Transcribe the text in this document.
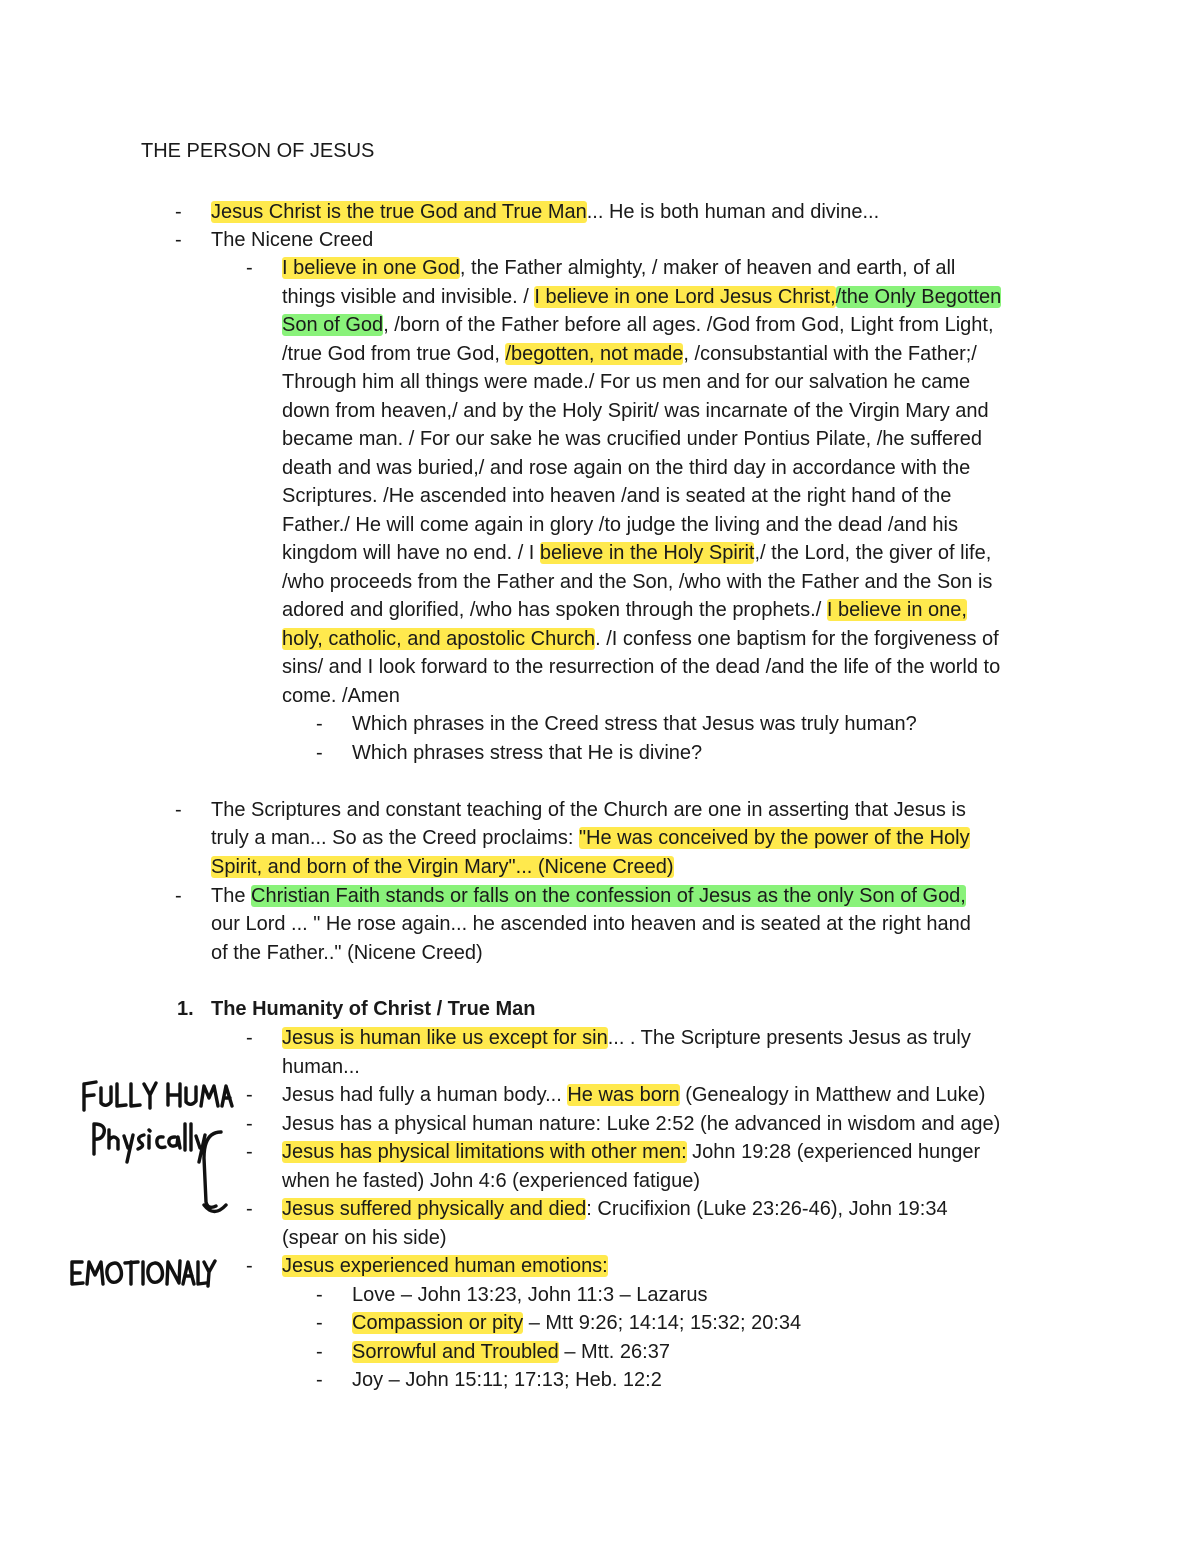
THE PERSON OF JESUS
1. The Humanity of Christ / True Man
- Jesus Christ is the true God and True Man... He is both human and divine...
- The Nicene Creed
- I believe in one God, the Father almighty, / maker of heaven and earth, of all
things visible and invisible. / I believe in one Lord Jesus Christ,/the Only Begotten
Son of God, /born of the Father before all ages. /God from God, Light from Light,
/true God from true God, /begotten, not made, /consubstantial with the Father;/
Through him all things were made./ For us men and for our salvation he came
down from heaven,/ and by the Holy Spirit/ was incarnate of the Virgin Mary and
became man. / For our sake he was crucified under Pontius Pilate, /he suffered
death and was buried,/ and rose again on the third day in accordance with the
Scriptures. /He ascended into heaven /and is seated at the right hand of the
Father./ He will come again in glory /to judge the living and the dead /and his
kingdom will have no end. / I believe in the Holy Spirit,/ the Lord, the giver of life,
/who proceeds from the Father and the Son, /who with the Father and the Son is
adored and glorified, /who has spoken through the prophets./ I believe in one,
holy, catholic, and apostolic Church. /I confess one baptism for the forgiveness of
sins/ and I look forward to the resurrection of the dead /and the life of the world to
come. /Amen
- Which phrases in the Creed stress that Jesus was truly human?
- Which phrases stress that He is divine?
- The Scriptures and constant teaching of the Church are one in asserting that Jesus is
truly a man... So as the Creed proclaims: "He was conceived by the power of the Holy
Spirit, and born of the Virgin Mary"... (Nicene Creed)
- The Christian Faith stands or falls on the confession of Jesus as the only Son of God,
our Lord ... " He rose again... he ascended into heaven and is seated at the right hand
of the Father.." (Nicene Creed)
- Jesus is human like us except for sin... . The Scripture presents Jesus as truly
human...
- Jesus had fully a human body... He was born (Genealogy in Matthew and Luke)
- Jesus has a physical human nature: Luke 2:52 (he advanced in wisdom and age)
- Jesus has physical limitations with other men: John 19:28 (experienced hunger
when he fasted) John 4:6 (experienced fatigue)
- Jesus suffered physically and died: Crucifixion (Luke 23:26-46), John 19:34
(spear on his side)
- Jesus experienced human emotions:
- Love – John 13:23, John 11:3 – Lazarus
- Compassion or pity – Mtt 9:26; 14:14; 15:32; 20:34
- Sorrowful and Troubled – Mtt. 26:37
- Joy – John 15:11; 17:13; Heb. 12:2
